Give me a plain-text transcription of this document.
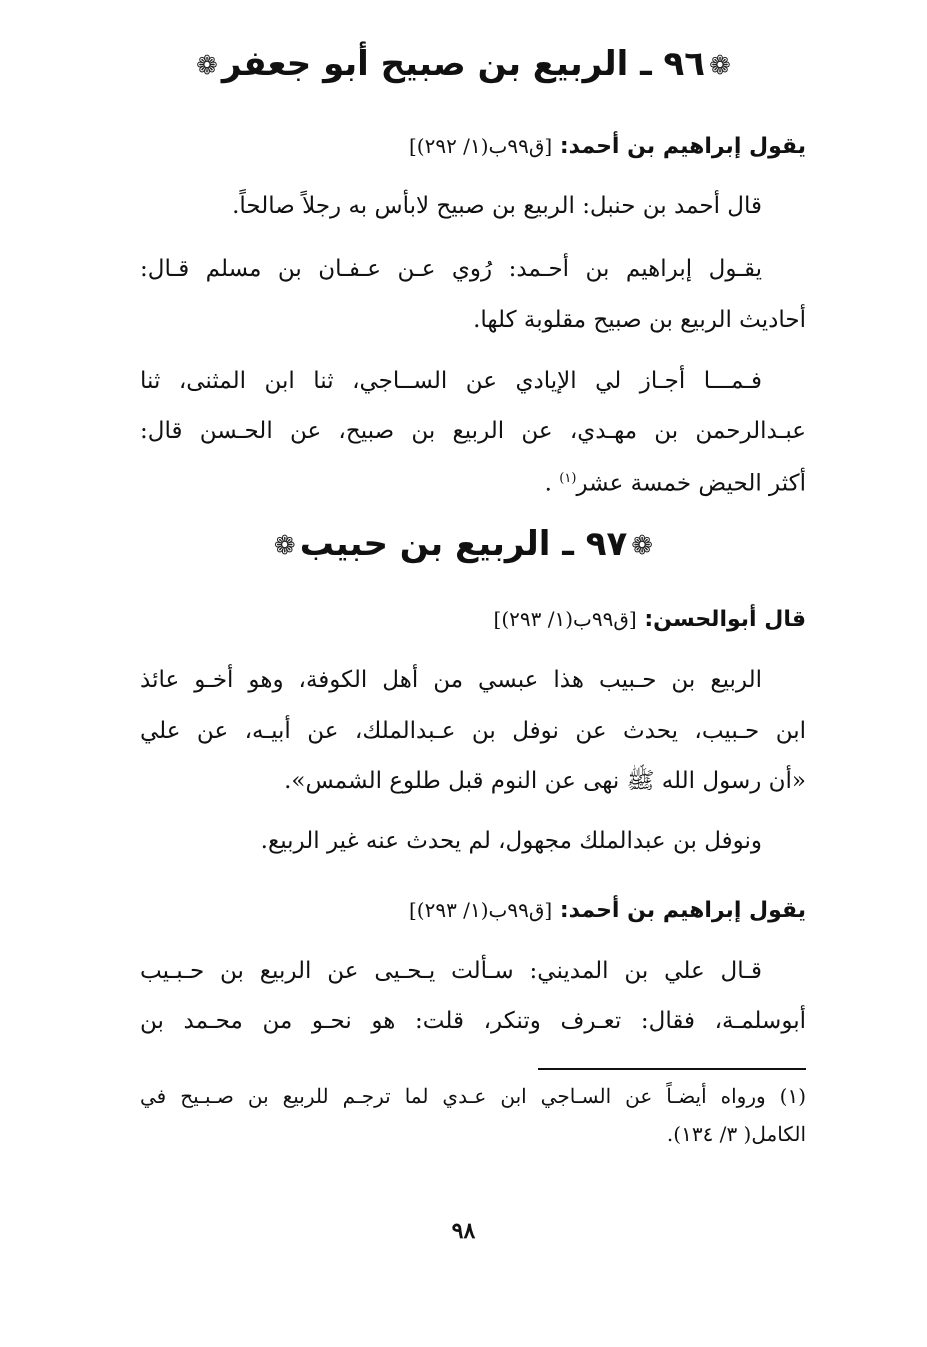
❁٩٦ ـ الربيع بن صبيح أبو جعفر❁
يقول إبراهيم بن أحمد: [ق٩٩ب(١/ ٢٩٢)]
قال أحمد بن حنبل: الربيع بن صبيح لابأس به رجلاً صالحاً.
يقـول إبراهيم بن أحـمد: رُوي عـن عـفـان بن مسلم قـال:
أحاديث الربيع بن صبيح مقلوبة كلها.
فـمـــا أجـاز لي الإيادي عن الســاجي، ثنا ابن المثنى، ثنا
عبـدالرحمن بن مهـدي، عن الربيع بن صبيح، عن الحـسن قال:
أكثر الحيض خمسة عشر$^{(١)}$ .
❁٩٧ ـ الربيع بن حبيب❁
قال أبوالحسن: [ق٩٩ب(١/ ٢٩٣)]
الربيع بن حـبيب هذا عبسي من أهل الكوفة، وهو أخـو عائذ
ابن حـبيب، يحدث عن نوفل بن عـبدالملك، عن أبيـه، عن علي
«أن رسول الله ﷺ نهى عن النوم قبل طلوع الشمس».
ونوفل بن عبدالملك مجهول، لم يحدث عنه غير الربيع.
يقول إبراهيم بن أحمد: [ق٩٩ب(١/ ٢٩٣)]
قـال علي بن المديني: سـألت يـحـيى عن الربيع بن حـبـيب
أبوسلمـة، فقال: تعـرف وتنكر، قلت: هو نحـو من محـمد بن
(١) ورواه أيضـاً عن السـاجي ابن عـدي لما ترجـم للربيع بن صـبـيح في
الكامل( ٣/ ١٣٤).
٩٨
